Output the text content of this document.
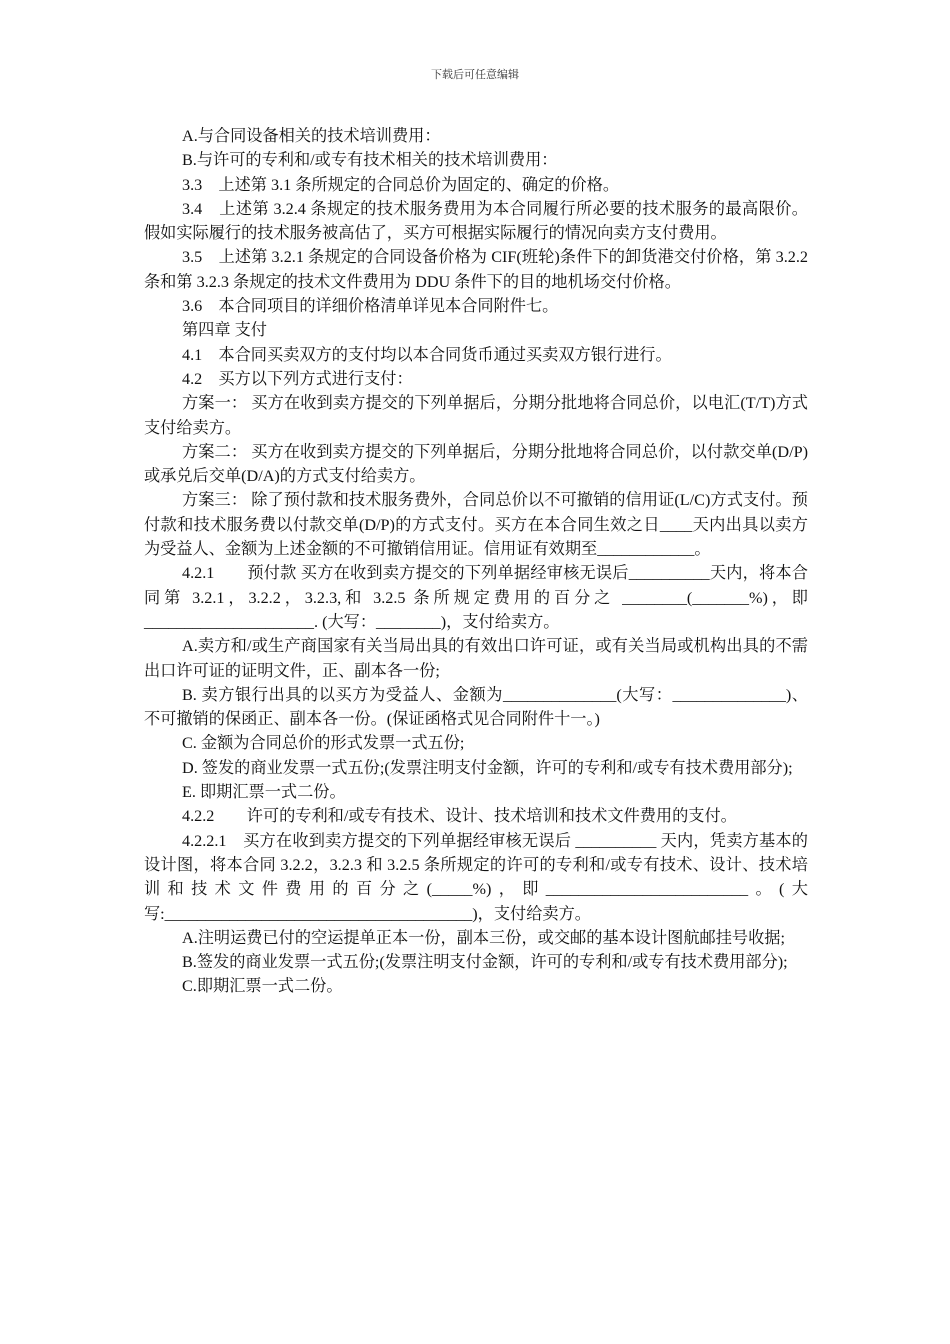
下载后可任意编辑

A.与合同设备相关的技术培训费用：

B.与许可的专利和/或专有技术相关的技术培训费用：

3.3　上述第 3.1 条所规定的合同总价为固定的、确定的价格。

3.4　上述第 3.2.4 条规定的技术服务费用为本合同履行所必要的技术服务的最高限价。假如实际履行的技术服务被高估了，买方可根据实际履行的情况向卖方支付费用。

3.5　上述第 3.2.1 条规定的合同设备价格为 CIF(班轮)条件下的卸货港交付价格，第 3.2.2 条和第 3.2.3 条规定的技术文件费用为 DDU 条件下的目的地机场交付价格。

3.6　本合同项目的详细价格清单详见本合同附件七。

第四章 支付

4.1　本合同买卖双方的支付均以本合同货币通过买卖双方银行进行。

4.2　买方以下列方式进行支付：

方案一： 买方在收到卖方提交的下列单据后，分期分批地将合同总价，以电汇(T/T)方式支付给卖方。

方案二： 买方在收到卖方提交的下列单据后，分期分批地将合同总价，以付款交单(D/P)或承兑后交单(D/A)的方式支付给卖方。

方案三： 除了预付款和技术服务费外，合同总价以不可撤销的信用证(L/C)方式支付。预付款和技术服务费以付款交单(D/P)的方式支付。买方在本合同生效之日____天内出具以卖方为受益人、金额为上述金额的不可撤销信用证。信用证有效期至____________。

4.2.1　　预付款 买方在收到卖方提交的下列单据经审核无误后__________天内，将本合同第 3.2.1，3.2.2，3.2.3,和 3.2.5 条所规定费用的百分之 ________(_______%)，即_____________________. (大写：________)，支付给卖方。

A.卖方和/或生产商国家有关当局出具的有效出口许可证，或有关当局或机构出具的不需出口许可证的证明文件，正、副本各一份;

B. 卖方银行出具的以买方为受益人、金额为______________(大写：______________)、不可撤销的保函正、副本各一份。(保证函格式见合同附件十一。)

C. 金额为合同总价的形式发票一式五份;

D. 签发的商业发票一式五份;(发票注明支付金额，许可的专利和/或专有技术费用部分);

E. 即期汇票一式二份。

4.2.2　　许可的专利和/或专有技术、设计、技术培训和技术文件费用的支付。

4.2.2.1　买方在收到卖方提交的下列单据经审核无误后 __________ 天内，凭卖方基本的设计图，将本合同 3.2.2，3.2.3 和 3.2.5 条所规定的许可的专利和/或专有技术、设计、技术培训和技术文件费用的百分之(_____%)，即_________________________。(大写:______________________________________)，支付给卖方。

A.注明运费已付的空运提单正本一份，副本三份，或交邮的基本设计图航邮挂号收据;

B.签发的商业发票一式五份;(发票注明支付金额，许可的专利和/或专有技术费用部分);

C.即期汇票一式二份。
